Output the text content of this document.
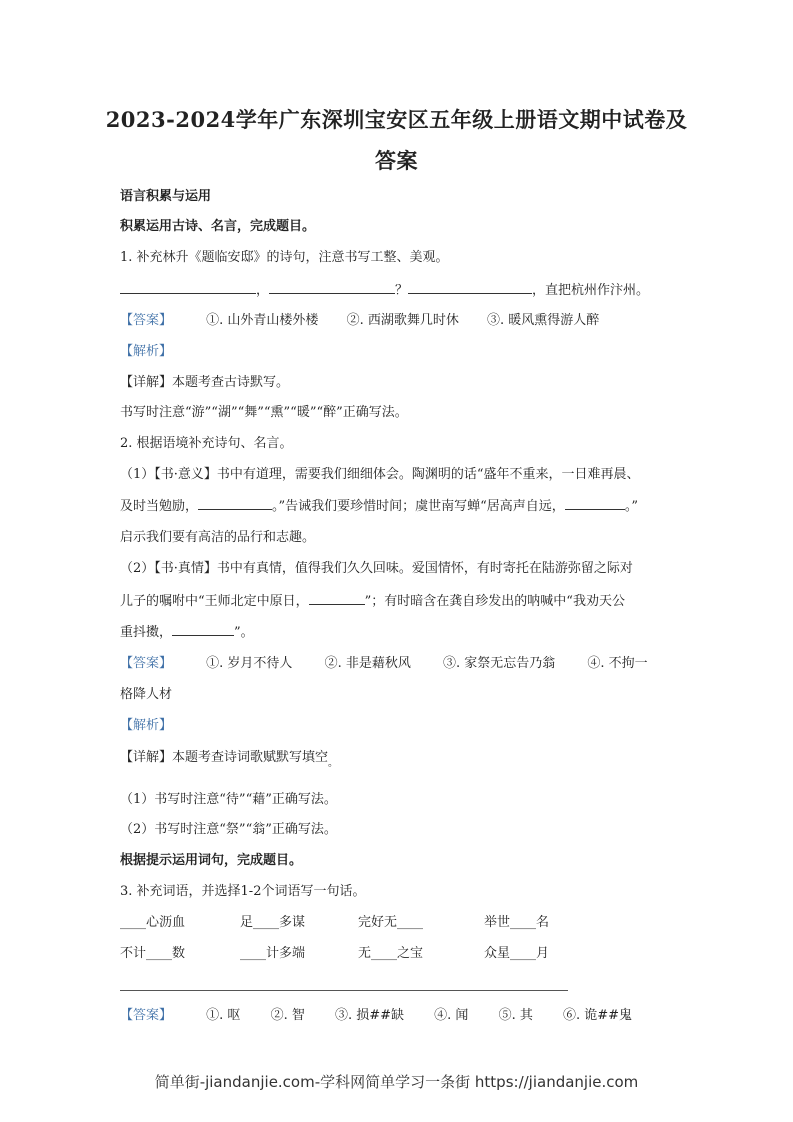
2023-2024学年广东深圳宝安区五年级上册语文期中试卷及
答案
语言积累与运用
积累运用古诗、名言，完成题目。
1. 补充林升《题临安邸》的诗句，注意书写工整、美观。
，	？	，直把杭州作汴州。
【答案】	①. 山外青山楼外楼 ②. 西湖歌舞几时休 ③. 暖风熏得游人醉
【解析】
【详解】本题考查古诗默写。
书写时注意“游”“湖”“舞”“熏”“暖”“醉”正确写法。
2. 根据语境补充诗句、名言。
（1）【书·意义】书中有道理，需要我们细细体会。陶渊明的话“盛年不重来，一日难再晨、
及时当勉励，	。”告诫我们要珍惜时间；虞世南写蝉“居高声自远，	。”
启示我们要有高洁的品行和志趣。
（2）【书·真情】书中有真情，值得我们久久回味。爱国情怀，有时寄托在陆游弥留之际对
儿子的嘱咐中“王师北定中原日，	”；有时暗含在龚自珍发出的呐喊中“我劝天公
重抖擞，	”。
【答案】	①. 岁月不待人 ②. 非是藉秋风 ③. 家祭无忘告乃翁 ④. 不拘一
格降人材
【解析】
【详解】本题考查诗词歌赋默写填空$_。$
（1）书写时注意“待”“藉”正确写法。
（2）书写时注意“祭”“翁”正确写法。
根据提示运用词句，完成题目。
3. 补充词语，并选择1-2个词语写一句话。
____心沥血	足____多谋	完好无____	举世____名
不计____数	____计多端	无____之宝	众星____月
【答案】	①. 呕 ②. 智 ③. 损##缺 ④. 闻 ⑤. 其 ⑥. 诡##鬼
简单街-jiandanjie.com-学科网简单学习一条街 https://jiandanjie.com
